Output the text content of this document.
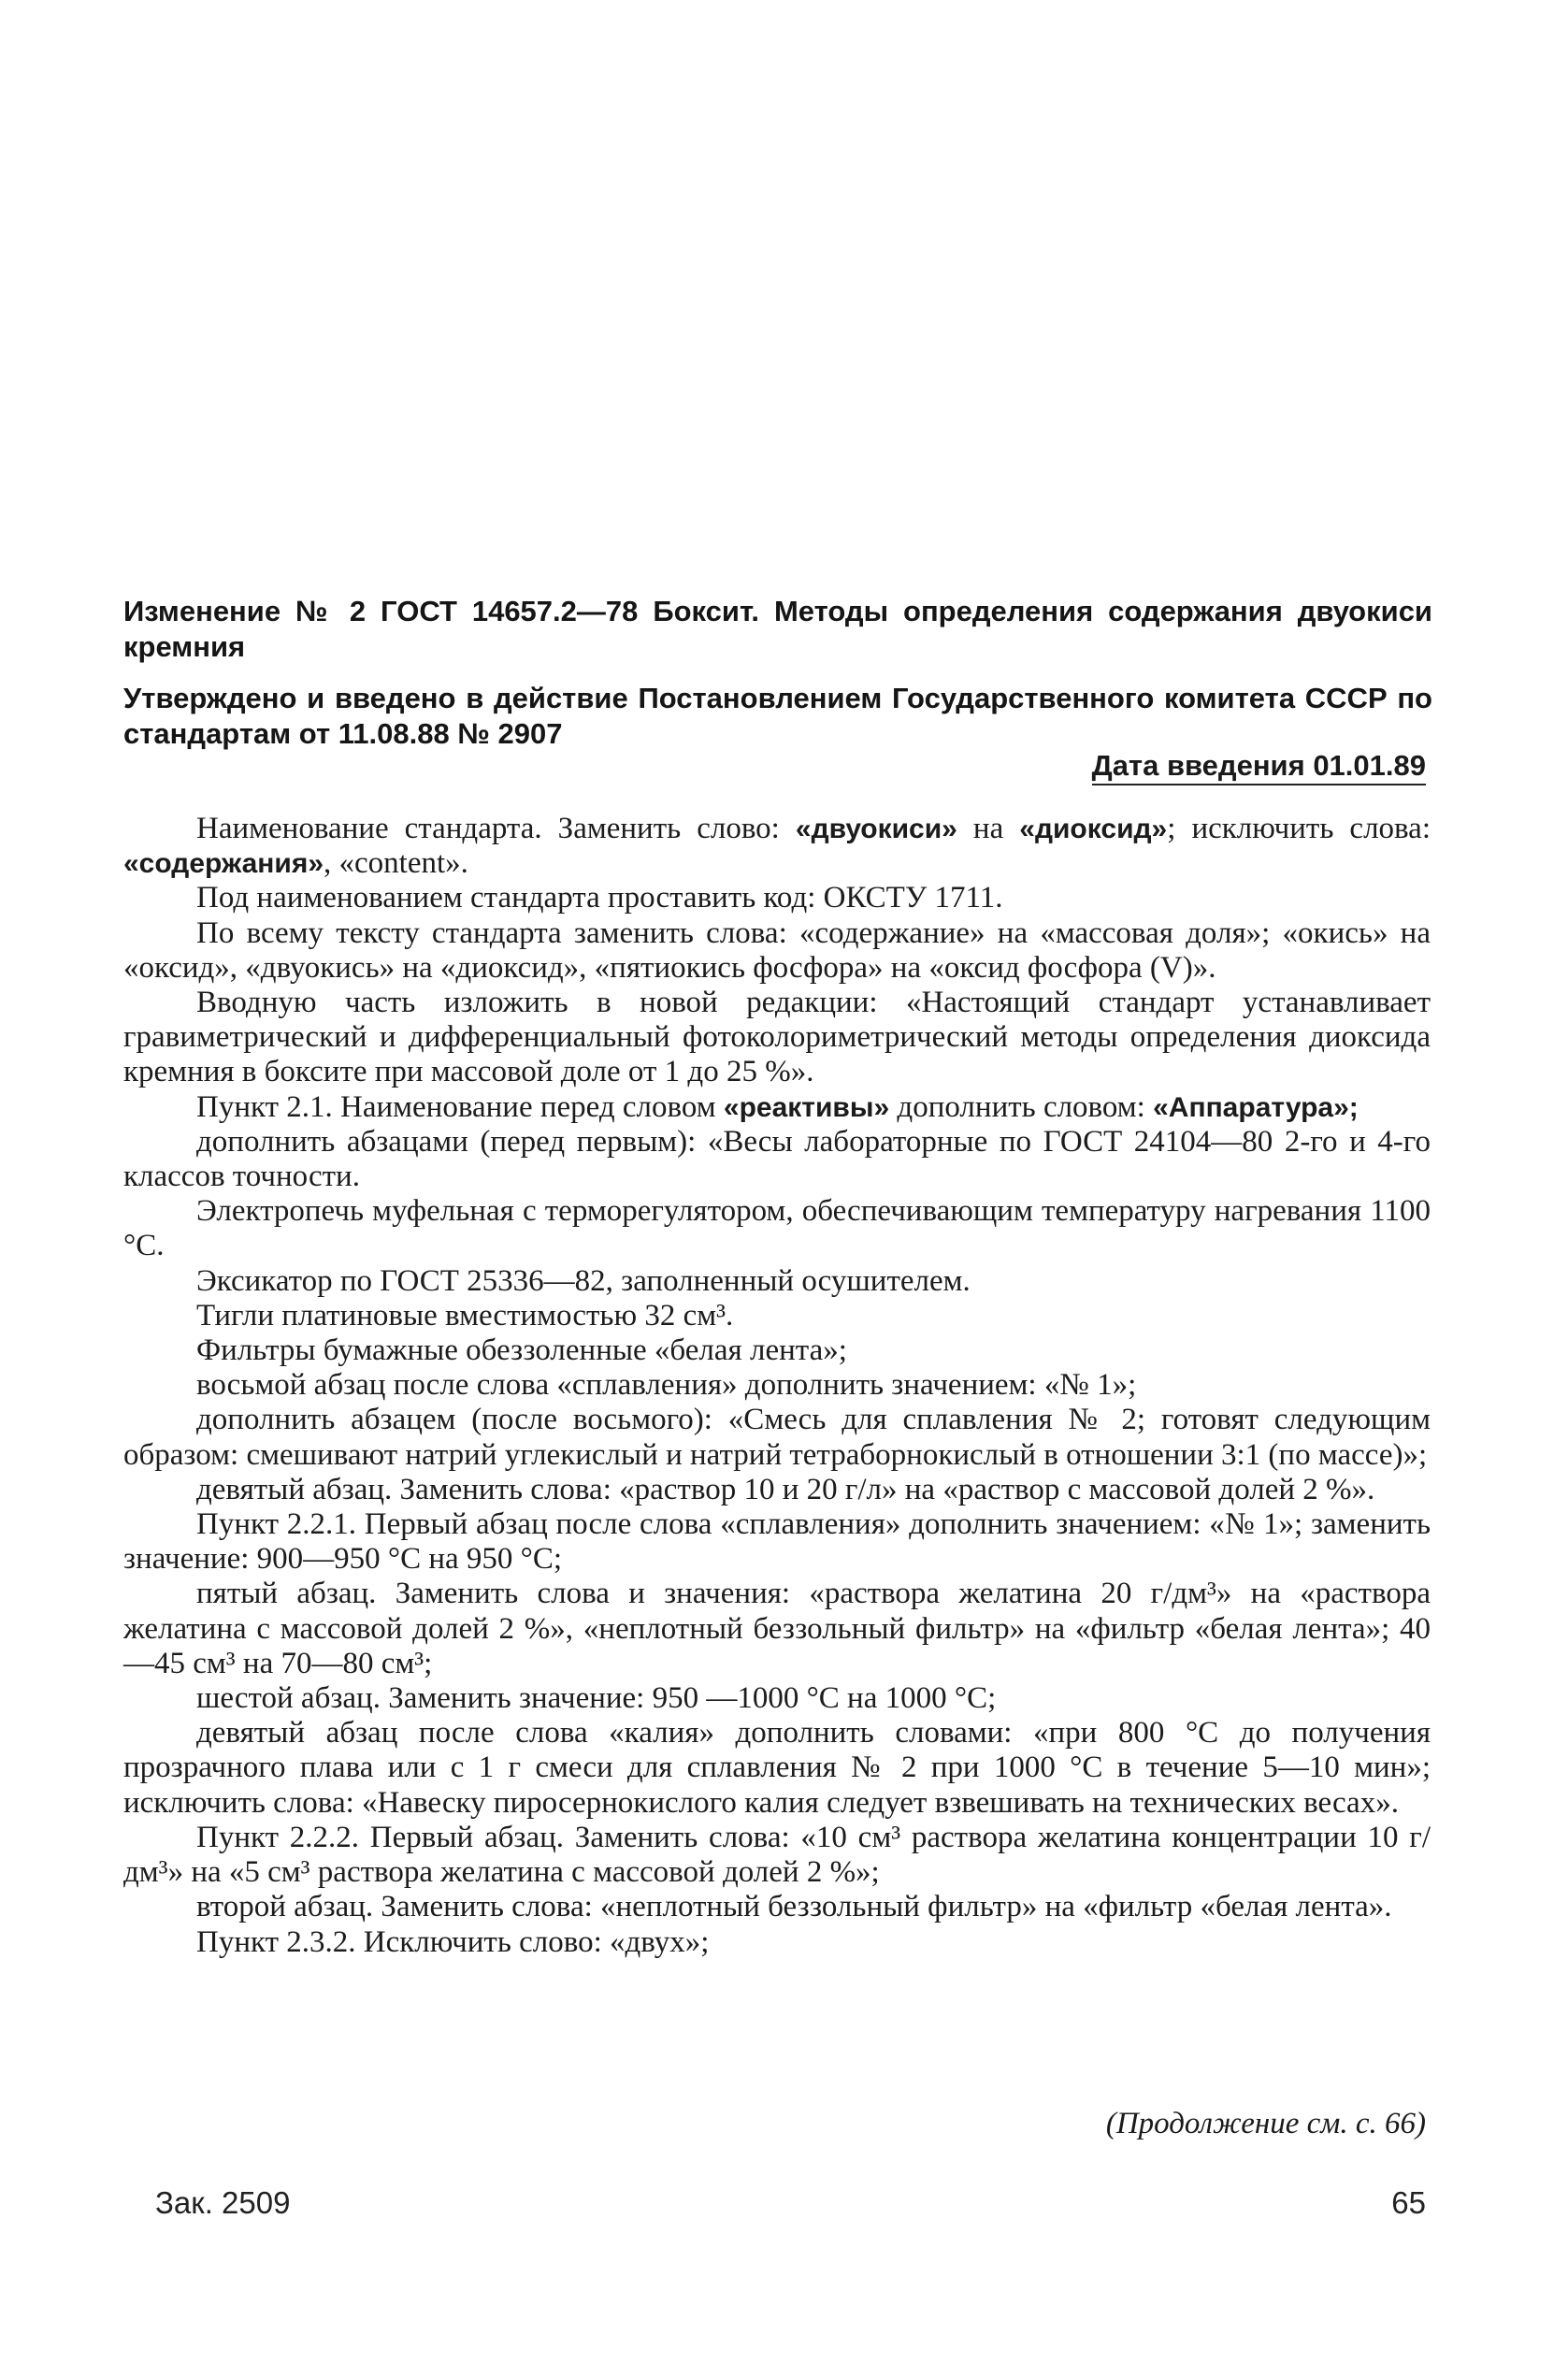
Изменение № 2 ГОСТ 14657.2—78 Боксит. Методы определения содержания двуокиси кремния
Утверждено и введено в действие Постановлением Государственного комитета СССР по стандартам от 11.08.88 № 2907
Дата введения 01.01.89

Наименование стандарта. Заменить слово: «двуокиси» на «диоксид»; исключить слова: «содержания», «content».

Под наименованием стандарта проставить код: ОКСТУ 1711.

По всему тексту стандарта заменить слова: «содержание» на «массовая доля»; «окись» на «оксид», «двуокись» на «диоксид», «пятиокись фосфора» на «оксид фосфора (V)».

Вводную часть изложить в новой редакции: «Настоящий стандарт устанавливает гравиметрический и дифференциальный фотоколориметрический методы определения диоксида кремния в боксите при массовой доле от 1 до 25 %».

Пункт 2.1. Наименование перед словом «реактивы» дополнить словом: «Аппаратура»;

дополнить абзацами (перед первым): «Весы лабораторные по ГОСТ 24104—80 2-го и 4-го классов точности.

Электропечь муфельная с терморегулятором, обеспечивающим температуру нагревания 1100 °С.

Эксикатор по ГОСТ 25336—82, заполненный осушителем.

Тигли платиновые вместимостью 32 см³.

Фильтры бумажные обеззоленные «белая лента»;

восьмой абзац после слова «сплавления» дополнить значением: «№ 1»;

дополнить абзацем (после восьмого): «Смесь для сплавления № 2; готовят следующим образом: смешивают натрий углекислый и натрий тетраборнокислый в отношении 3:1 (по массе)»;

девятый абзац. Заменить слова: «раствор 10 и 20 г/л» на «раствор с массовой долей 2 %».

Пункт 2.2.1. Первый абзац после слова «сплавления» дополнить значением: «№ 1»; заменить значение: 900—950 °С на 950 °С;

пятый абзац. Заменить слова и значения: «раствора желатина 20 г/дм³» на «раствора желатина с массовой долей 2 %», «неплотный беззольный фильтр» на «фильтр «белая лента»; 40—45 см³ на 70—80 см³;

шестой абзац. Заменить значение: 950 —1000 °С на 1000 °С;

девятый абзац после слова «калия» дополнить словами: «при 800 °С до получения прозрачного плава или с 1 г смеси для сплавления № 2 при 1000 °С в течение 5—10 мин»; исключить слова: «Навеску пиросернокислого калия следует взвешивать на технических весах».

Пункт 2.2.2. Первый абзац. Заменить слова: «10 см³ раствора желатина концентрации 10 г/дм³» на «5 см³ раствора желатина с массовой долей 2 %»;

второй абзац. Заменить слова: «неплотный беззольный фильтр» на «фильтр «белая лента».

Пункт 2.3.2. Исключить слово: «двух»;

(Продолжение см. с. 66)
Зак. 2509	65
